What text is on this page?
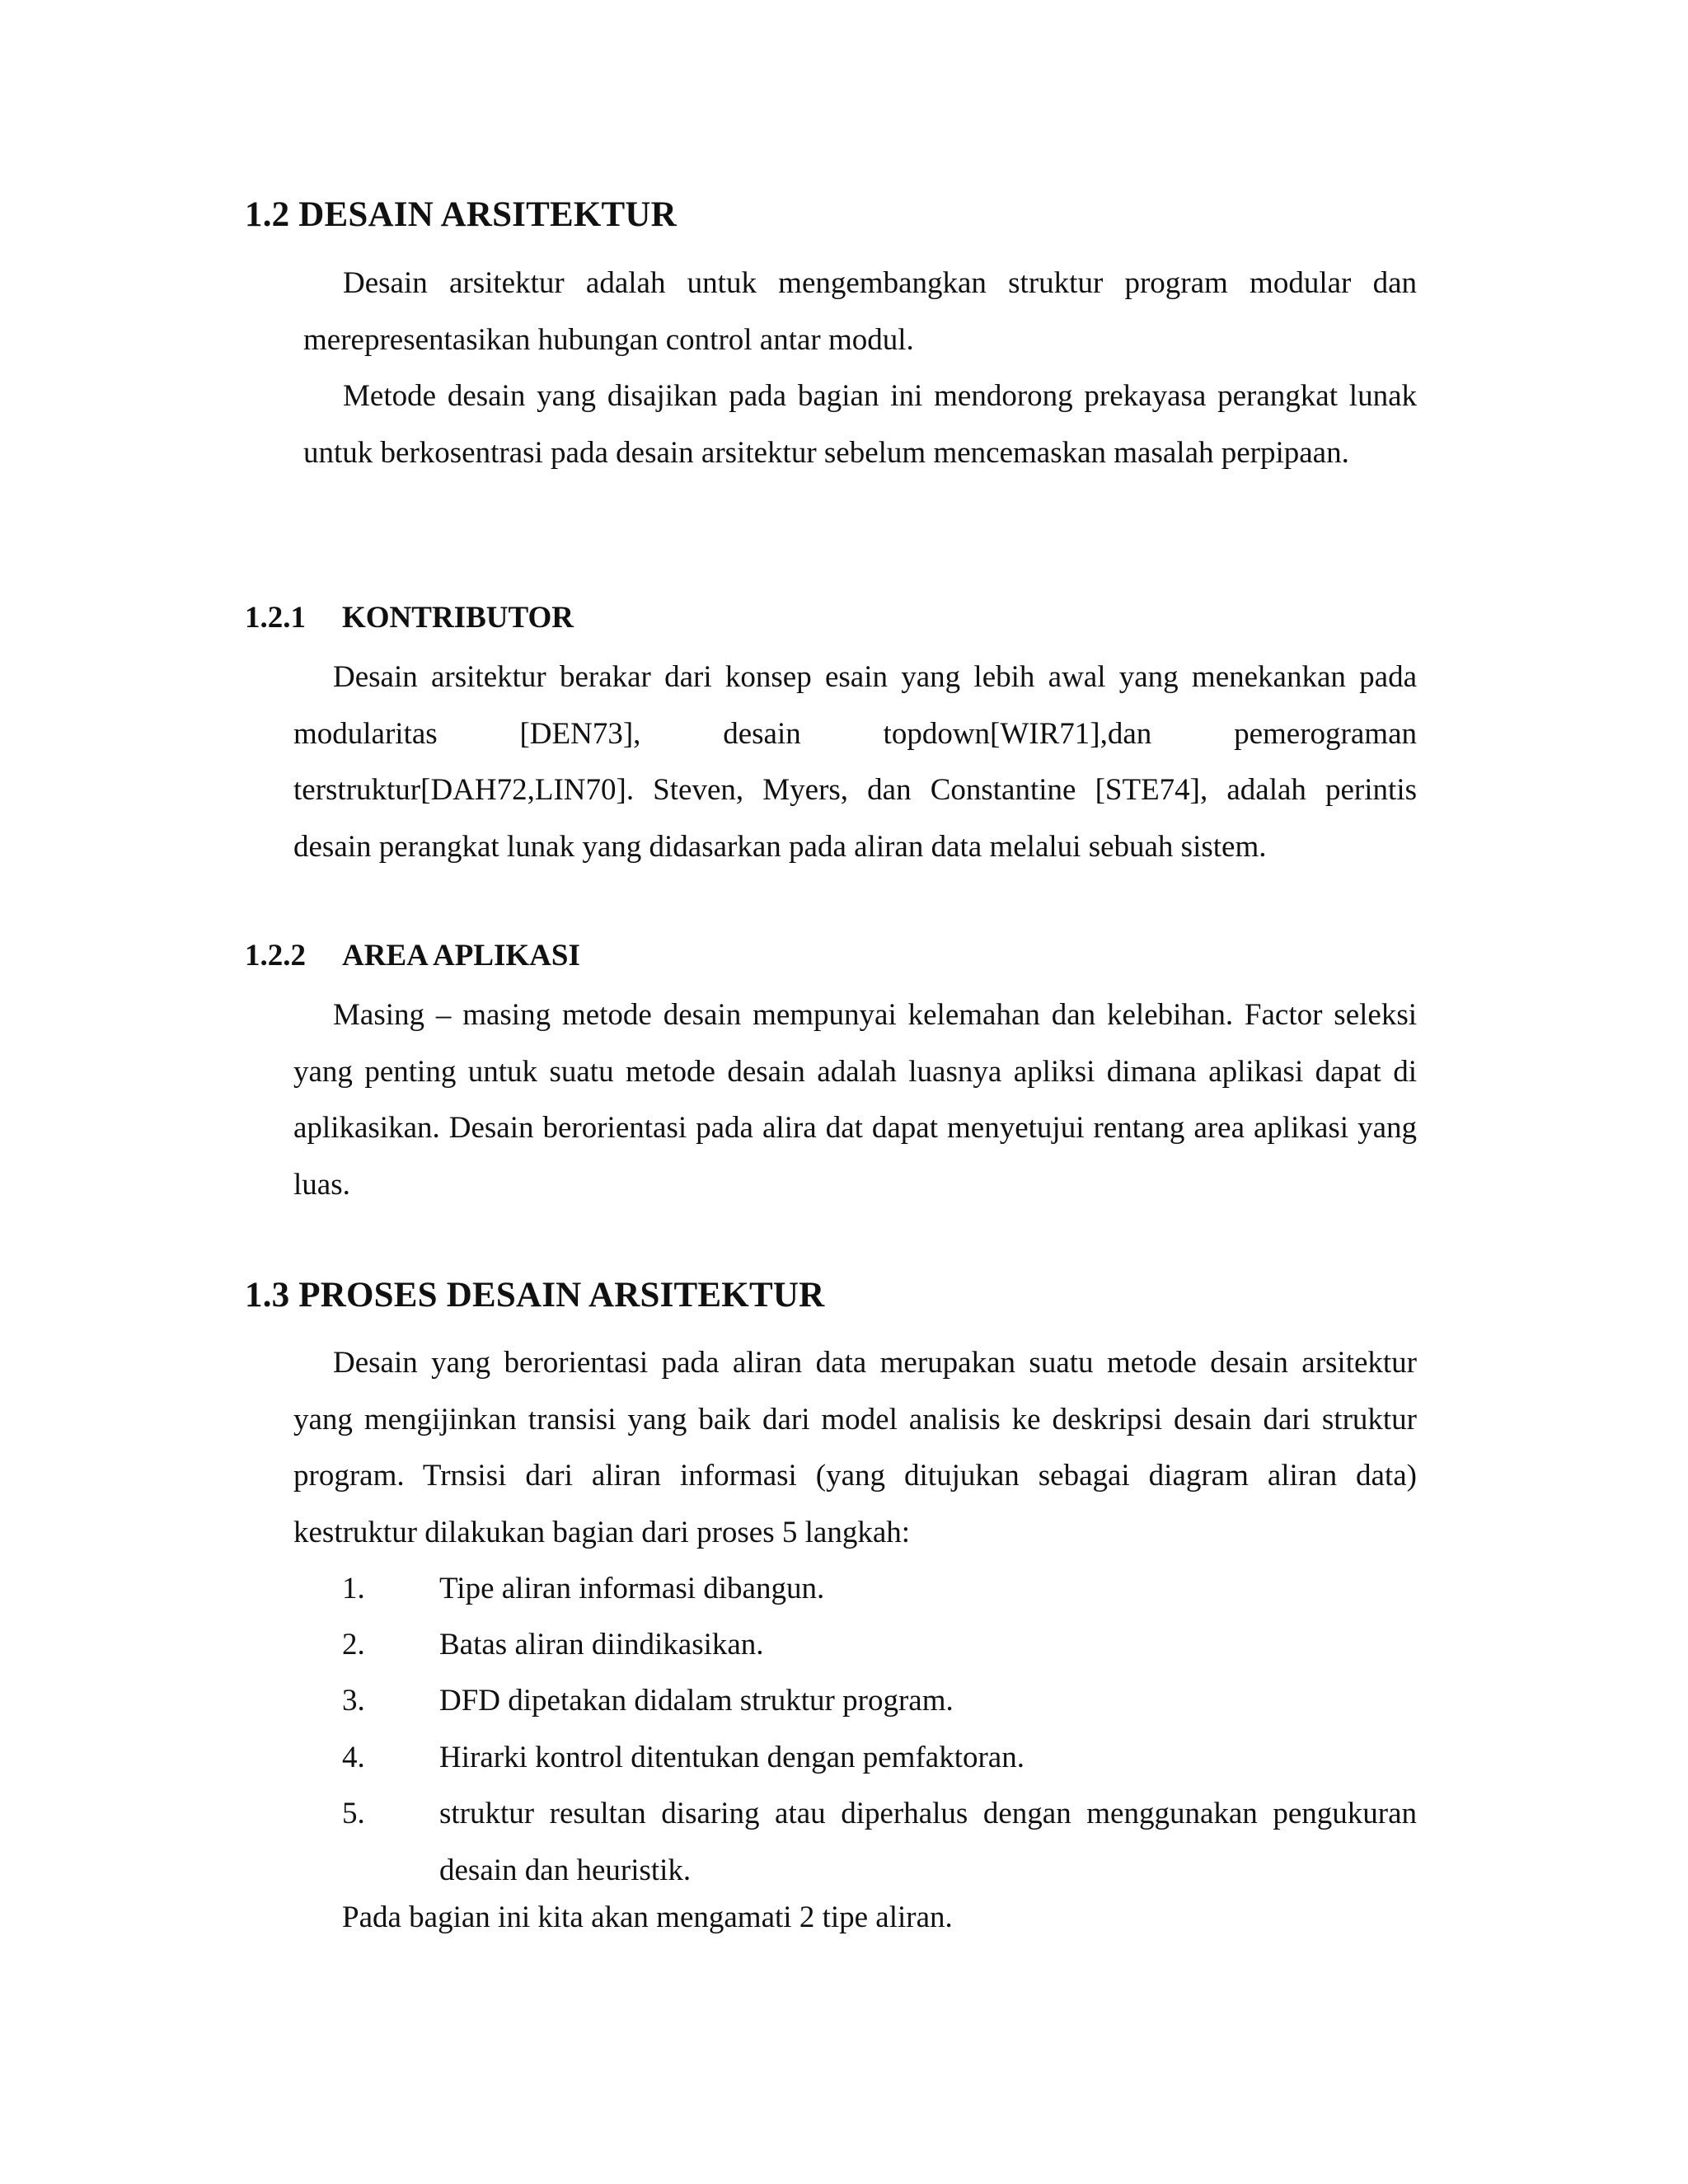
1.2 DESAIN ARSITEKTUR
Desain arsitektur adalah untuk mengembangkan struktur program modular dan merepresentasikan hubungan control antar modul.
Metode desain yang disajikan pada bagian ini mendorong prekayasa perangkat lunak untuk berkosentrasi pada desain arsitektur sebelum mencemaskan masalah perpipaan.
1.2.1 KONTRIBUTOR
Desain arsitektur berakar dari konsep esain yang lebih awal yang menekankan pada modularitas [DEN73], desain topdown[WIR71],dan pemerograman terstruktur[DAH72,LIN70]. Steven, Myers, dan Constantine [STE74], adalah perintis desain perangkat lunak yang didasarkan pada aliran data melalui sebuah sistem.
1.2.2 AREA APLIKASI
Masing – masing metode desain mempunyai kelemahan dan kelebihan. Factor seleksi yang penting untuk suatu metode desain adalah luasnya apliksi dimana aplikasi dapat di aplikasikan. Desain berorientasi pada alira dat dapat menyetujui rentang area aplikasi yang luas.
1.3 PROSES DESAIN ARSITEKTUR
Desain yang berorientasi pada aliran data merupakan suatu metode desain arsitektur yang mengijinkan transisi yang baik dari model analisis ke deskripsi desain dari struktur program. Trnsisi dari aliran informasi (yang ditujukan sebagai diagram aliran data) kestruktur dilakukan bagian dari proses 5 langkah:
1. Tipe aliran informasi dibangun.
2. Batas aliran diindikasikan.
3. DFD dipetakan didalam struktur program.
4. Hirarki kontrol ditentukan dengan pemfaktoran.
5. struktur resultan disaring atau diperhalus dengan menggunakan pengukuran desain dan heuristik.
Pada bagian ini kita akan mengamati 2 tipe aliran.
